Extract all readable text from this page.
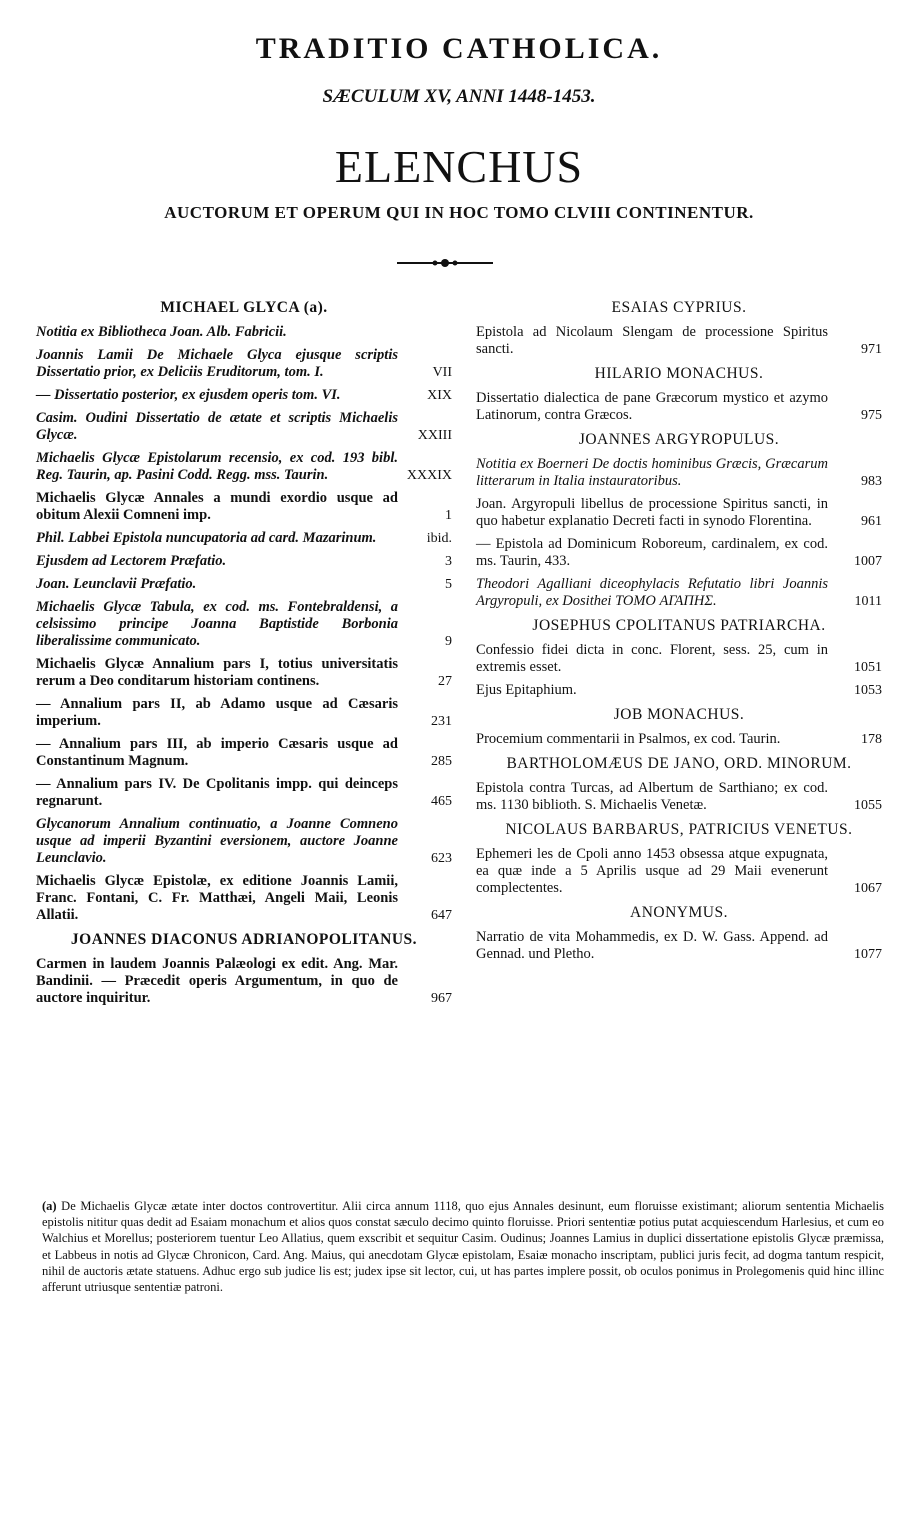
TRADITIO CATHOLICA.
SÆCULUM XV, ANNI 1448-1453.
ELENCHUS
AUCTORUM ET OPERUM QUI IN HOC TOMO CLVIII CONTINENTUR.
MICHAEL GLYCA (a).
Notitia ex Bibliotheca Joan. Alb. Fabricii.
Joannis Lamii De Michaele Glyca ejusque scriptis Dissertatio prior, ex Deliciis Eruditorum, tom. I.	VII
— Dissertatio posterior, ex ejusdem operis tom. VI.	XIX
Casim. Oudini Dissertatio de ætate et scriptis Michaelis Glycæ.	XXIII
Michaelis Glycæ Epistolarum recensio, ex cod. 193 bibl. Reg. Taurin, ap. Pasini Codd. Regg. mss. Taurin.	XXXIX
Michaelis Glycæ Annales a mundi exordio usque ad obitum Alexii Comneni imp.	1
Phil. Labbei Epistola nuncupatoria ad card. Mazarinum.	ibid.
Ejusdem ad Lectorem Præfatio.	3
Joan. Leunclavii Præfatio.	5
Michaelis Glycæ Tabula, ex cod. ms. Fontebraldensi, a celsissimo principe Joanna Baptistide Borbonia liberalissime communicato.	9
Michaelis Glycæ Annalium pars I, totius universitatis rerum a Deo conditarum historiam continens.	27
— Annalium pars II, ab Adamo usque ad Cæsaris imperium.	231
— Annalium pars III, ab imperio Cæsaris usque ad Constantinum Magnum.	285
— Annalium pars IV. De Cpolitanis impp. qui deinceps regnarunt.	465
Glycanorum Annalium continuatio, a Joanne Comneno usque ad imperii Byzantini eversionem, auctore Joanne Leunclavio.	623
Michaelis Glycæ Epistolæ, ex editione Joannis Lamii, Franc. Fontani, C. Fr. Matthæi, Angeli Maii, Leonis Allatii.	647
JOANNES DIACONUS ADRIANOPOLITANUS.
Carmen in laudem Joannis Palæologi ex edit. Ang. Mar. Bandinii. — Præcedit operis Argumentum, in quo de auctore inquiritur.	967
ESAIAS CYPRIUS.
Epistola ad Nicolaum Slengam de processione Spiritus sancti.	971
HILARIO MONACHUS.
Dissertatio dialectica de pane Græcorum mystico et azymo Latinorum, contra Græcos.	975
JOANNES ARGYROPULUS.
Notitia ex Boerneri De doctis hominibus Græcis, Græcarum litterarum in Italia instauratoribus.	983
Joan. Argyropuli libellus de processione Spiritus sancti, in quo habetur explanatio Decreti facti in synodo Florentina.	961
— Epistola ad Dominicum Roboreum, cardinalem, ex cod. ms. Taurin, 433.	1007
Theodori Agalliani diceophylacis Refutatio libri Joannis Argyropuli, ex Dosithei TOMO ΑΓΑΠΗΣ.	1011
JOSEPHUS CPOLITANUS PATRIARCHA.
Confessio fidei dicta in conc. Florent, sess. 25, cum in extremis esset.	1051
Ejus Epitaphium.	1053
JOB MONACHUS.
Procemium commentarii in Psalmos, ex cod. Taurin.	178
BARTHOLOMÆUS DE JANO, ORD. MINORUM.
Epistola contra Turcas, ad Albertum de Sarthiano; ex cod. ms. 1130 biblioth. S. Michaelis Venetæ.	1055
NICOLAUS BARBARUS, PATRICIUS VENETUS.
Ephemeri les de Cpoli anno 1453 obsessa atque expugnata, ea quæ inde a 5 Aprilis usque ad 29 Maii evenerunt complectentes.	1067
ANONYMUS.
Narratio de vita Mohammedis, ex D. W. Gass. Append. ad Gennad. und Pletho.	1077
(a) De Michaelis Glycæ ætate inter doctos controvertitur. Alii circa annum 1118, quo ejus Annales desinunt, eum floruisse existimant; aliorum sententia Michaelis epistolis nititur quas dedit ad Esaiam monachum et alios quos constat sæculo decimo quinto floruisse. Priori sententiæ potius putat acquiescendum Harlesius, et cum eo Walchius et Morellus; posteriorem tuentur Leo Allatius, quem exscribit et sequitur Casim. Oudinus; Joannes Lamius in duplici dissertatione epistolis Glycæ præmissa, et Labbeus in notis ad Glycæ Chronicon, Card. Ang. Maius, qui anecdotam Glycæ epistolam, Esaiæ monacho inscriptam, publici juris fecit, ad dogma tantum respicit, nihil de auctoris ætate statuens. Adhuc ergo sub judice lis est; judex ipse sit lector, cui, ut has partes implere possit, ob oculos ponimus in Prolegomenis quid hinc illinc afferunt utriusque sententiæ patroni.
